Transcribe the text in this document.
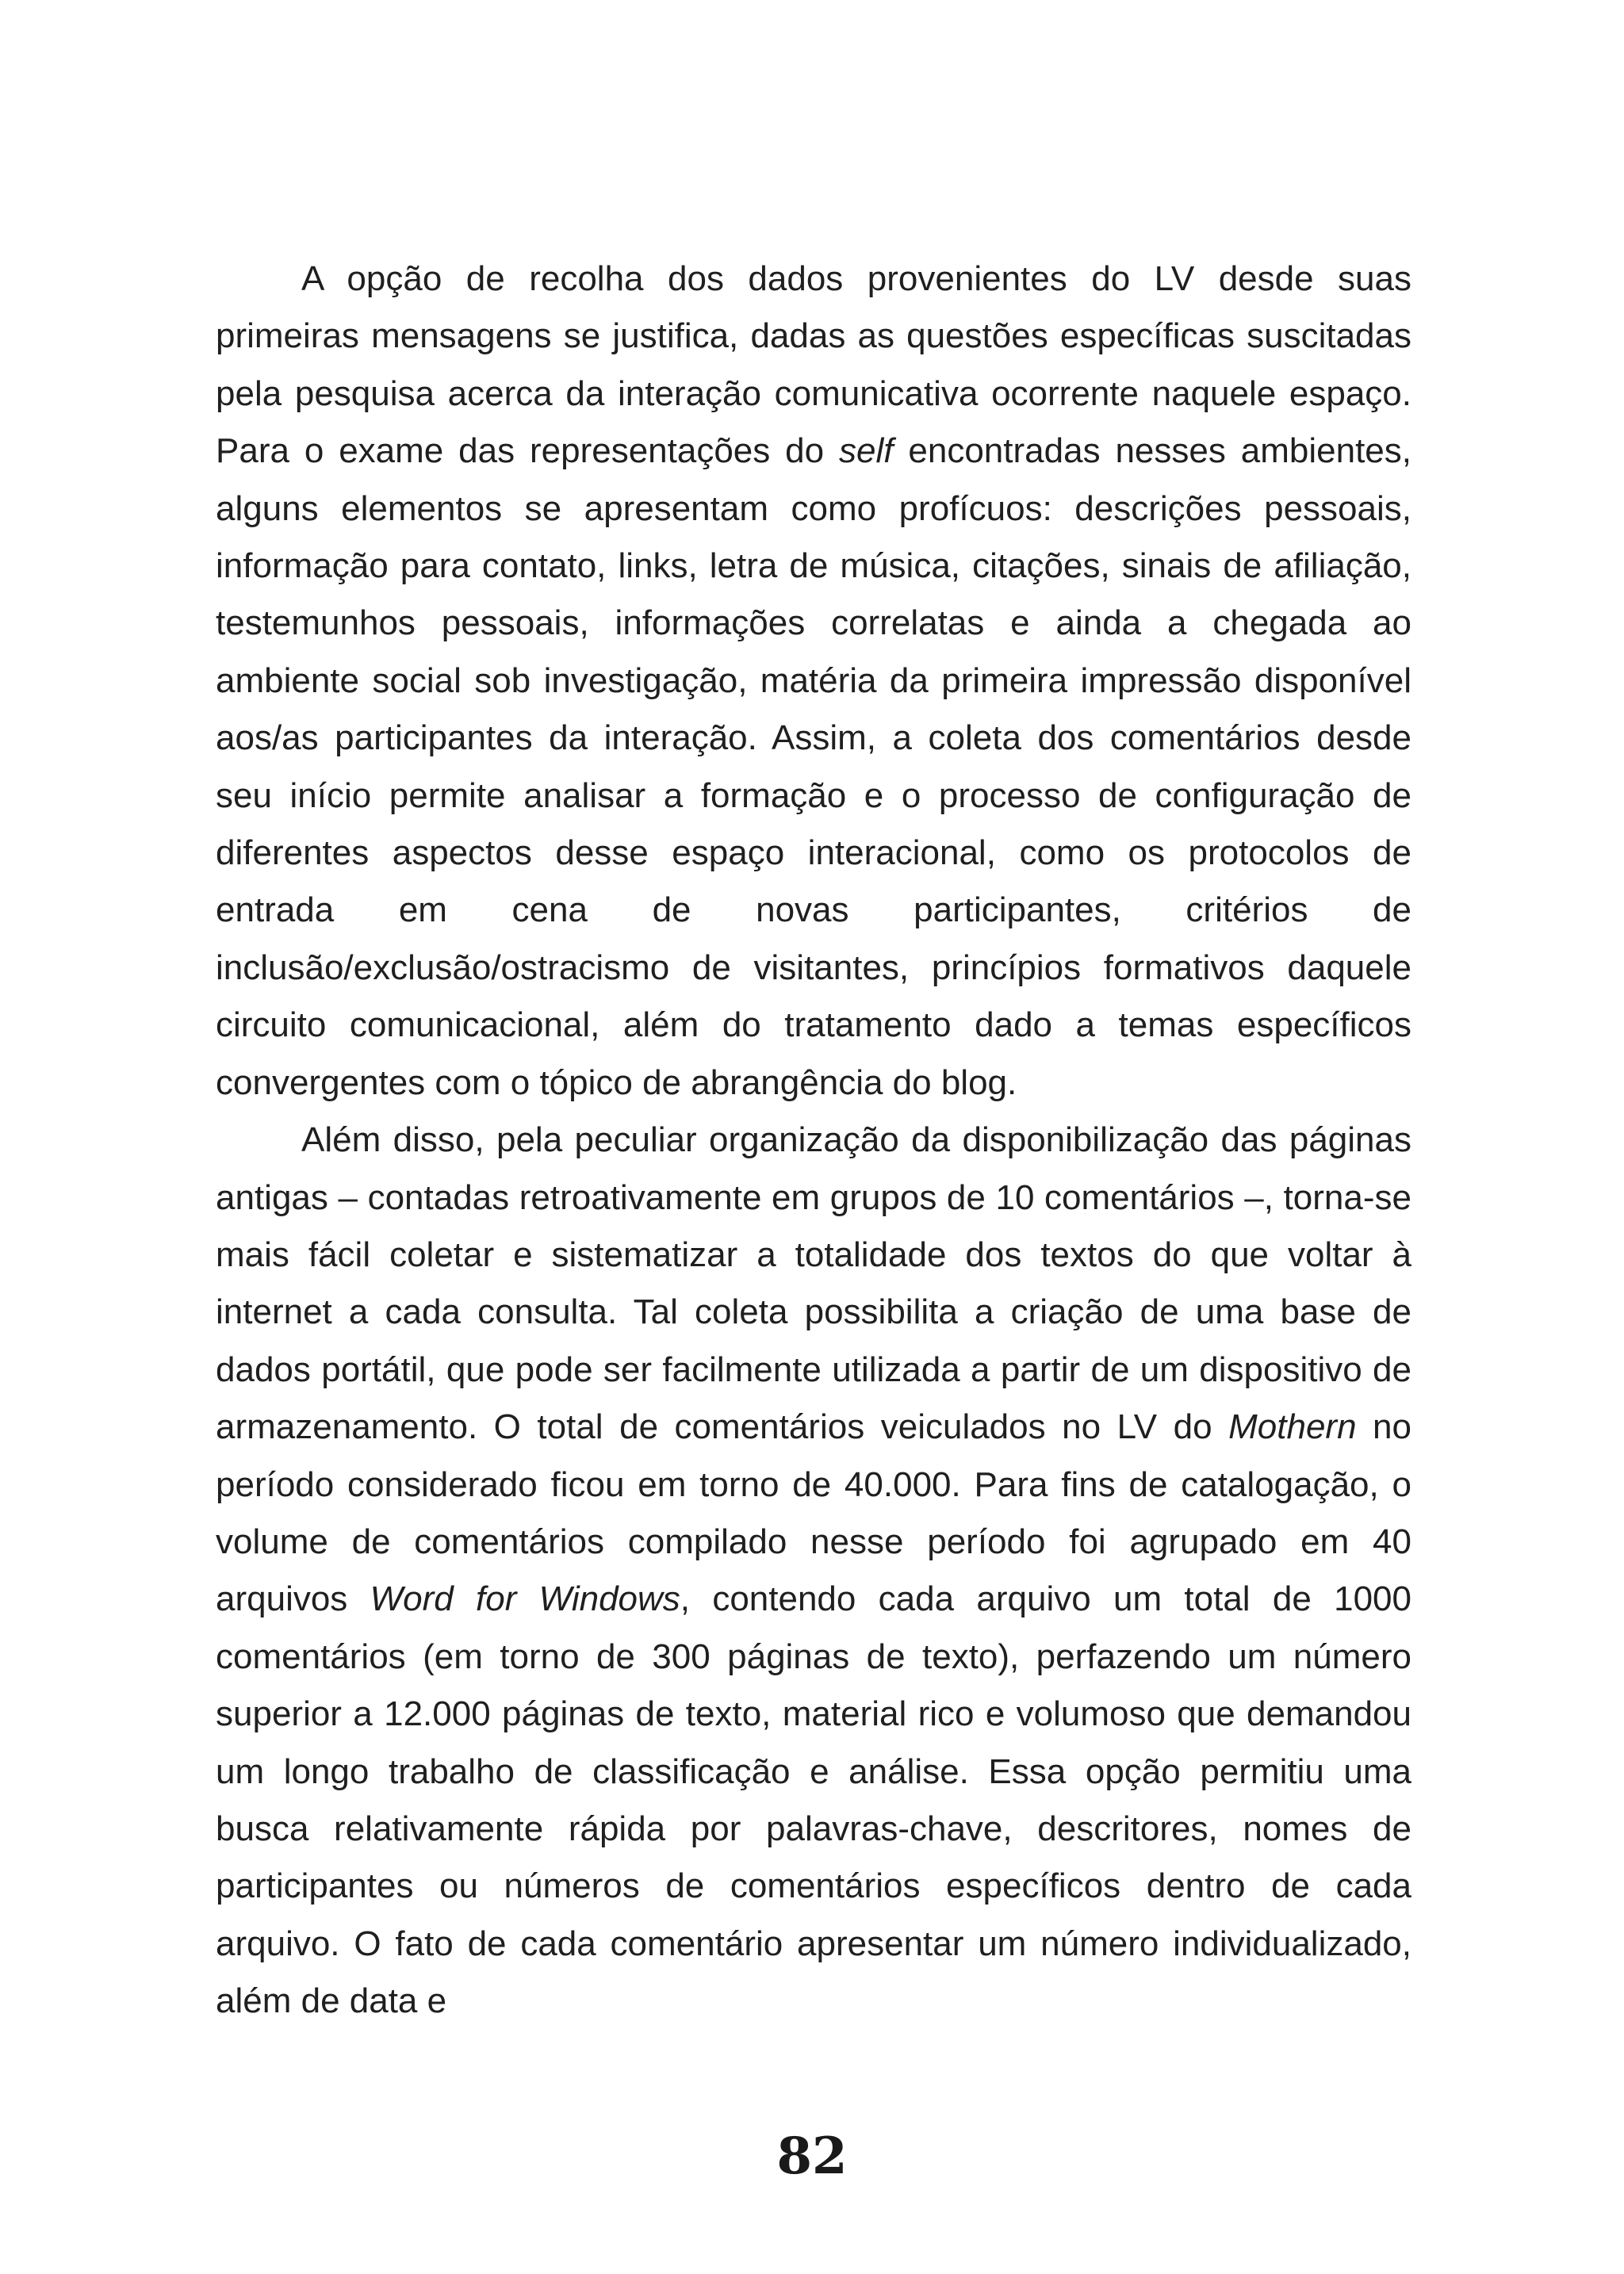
A opção de recolha dos dados provenientes do LV desde suas primeiras mensagens se justifica, dadas as questões específicas suscitadas pela pesquisa acerca da interação comunicativa ocorrente naquele espaço. Para o exame das representações do self encontradas nesses ambientes, alguns elementos se apresentam como profícuos: descrições pessoais, informação para contato, links, letra de música, citações, sinais de afiliação, testemunhos pessoais, informações correlatas e ainda a chegada ao ambiente social sob investigação, matéria da primeira impressão disponível aos/as participantes da interação. Assim, a coleta dos comentários desde seu início permite analisar a formação e o processo de configuração de diferentes aspectos desse espaço interacional, como os protocolos de entrada em cena de novas participantes, critérios de inclusão/exclusão/ostracismo de visitantes, princípios formativos daquele circuito comunicacional, além do tratamento dado a temas específicos convergentes com o tópico de abrangência do blog.

Além disso, pela peculiar organização da disponibilização das páginas antigas – contadas retroativamente em grupos de 10 comentários –, torna-se mais fácil coletar e sistematizar a totalidade dos textos do que voltar à internet a cada consulta. Tal coleta possibilita a criação de uma base de dados portátil, que pode ser facilmente utilizada a partir de um dispositivo de armazenamento. O total de comentários veiculados no LV do Mothern no período considerado ficou em torno de 40.000. Para fins de catalogação, o volume de comentários compilado nesse período foi agrupado em 40 arquivos Word for Windows, contendo cada arquivo um total de 1000 comentários (em torno de 300 páginas de texto), perfazendo um número superior a 12.000 páginas de texto, material rico e volumoso que demandou um longo trabalho de classificação e análise. Essa opção permitiu uma busca relativamente rápida por palavras-chave, descritores, nomes de participantes ou números de comentários específicos dentro de cada arquivo. O fato de cada comentário apresentar um número individualizado, além de data e

82
